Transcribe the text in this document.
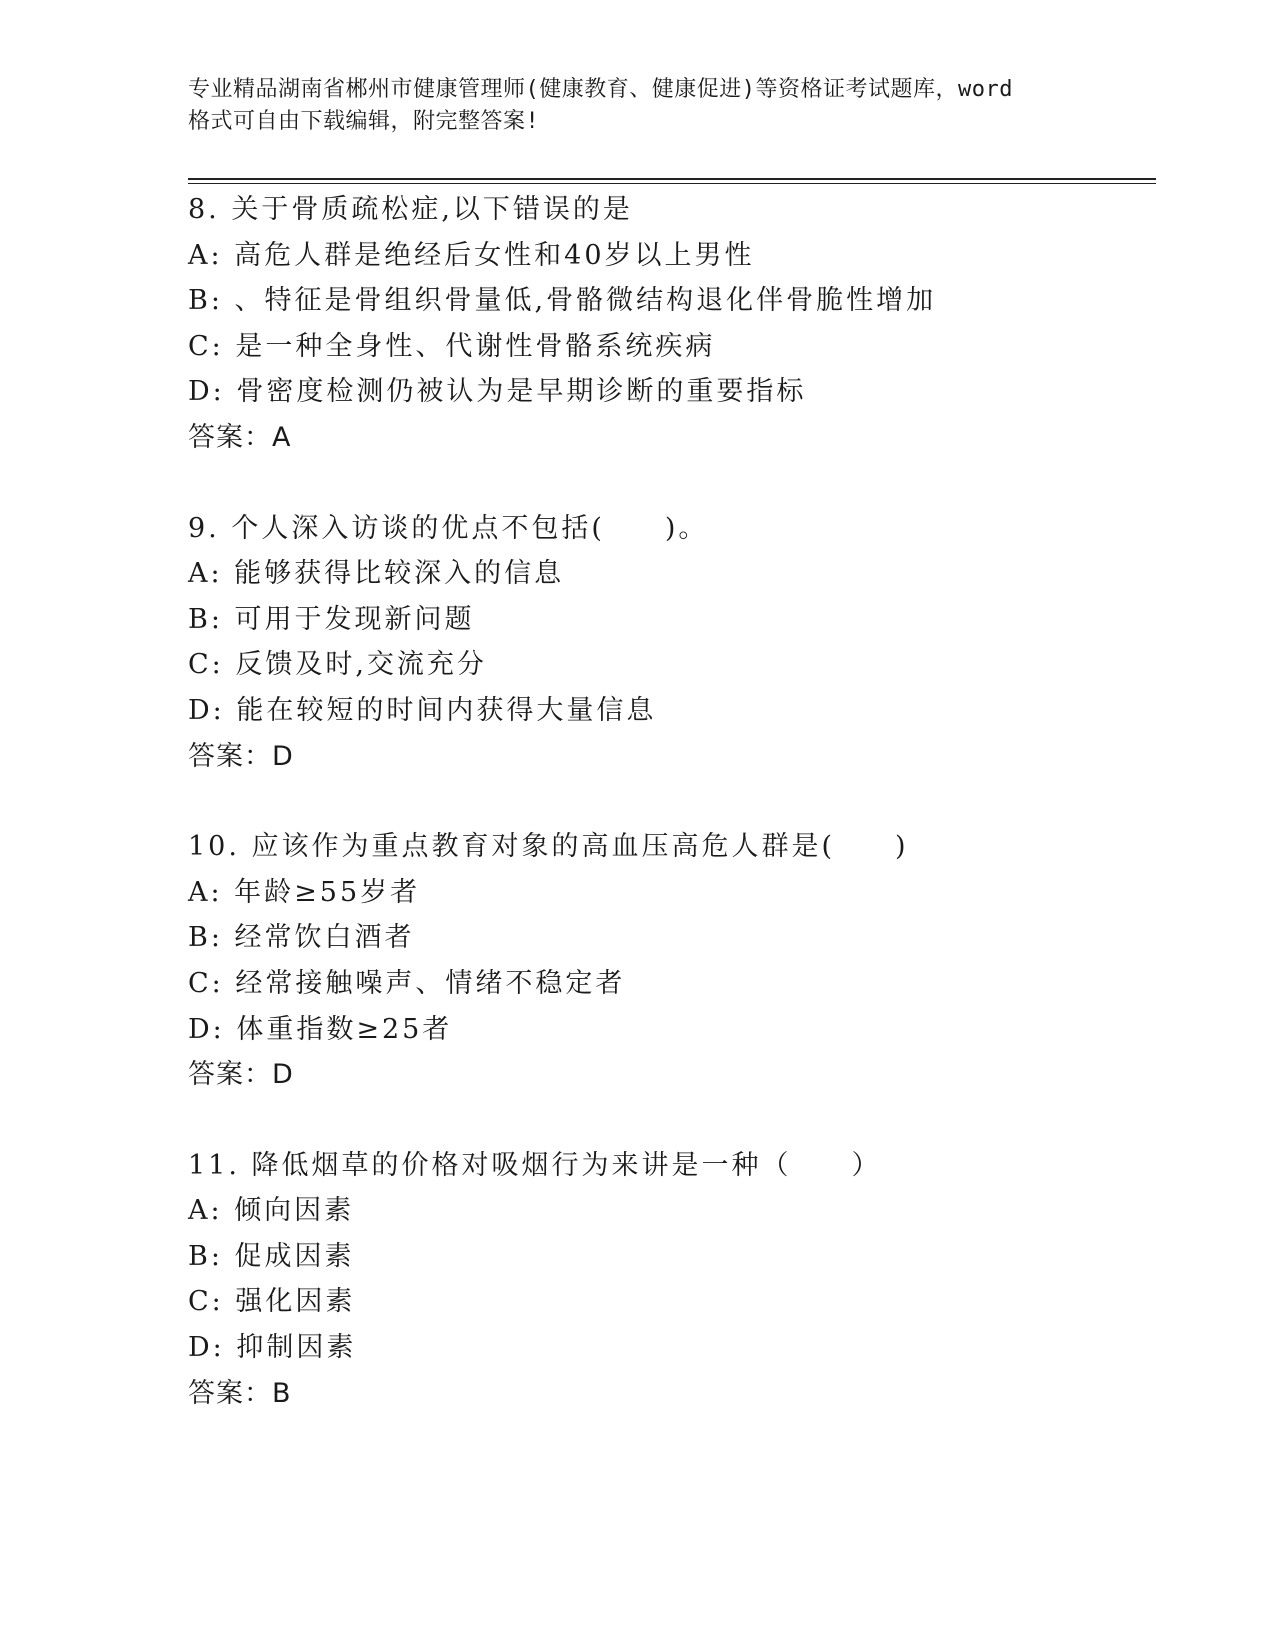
专业精品湖南省郴州市健康管理师(健康教育、健康促进)等资格证考试题库，word
格式可自由下载编辑，附完整答案!
8. 关于骨质疏松症,以下错误的是
A: 高危人群是绝经后女性和40岁以上男性
B: 、特征是骨组织骨量低,骨骼微结构退化伴骨脆性增加
C: 是一种全身性、代谢性骨骼系统疾病
D: 骨密度检测仍被认为是早期诊断的重要指标
答案：A
9. 个人深入访谈的优点不包括(　　)。
A: 能够获得比较深入的信息
B: 可用于发现新问题
C: 反馈及时,交流充分
D: 能在较短的时间内获得大量信息
答案：D
10. 应该作为重点教育对象的高血压高危人群是(　　)
A: 年龄≥55岁者
B: 经常饮白酒者
C: 经常接触噪声、情绪不稳定者
D: 体重指数≥25者
答案：D
11. 降低烟草的价格对吸烟行为来讲是一种（　　）
A: 倾向因素
B: 促成因素
C: 强化因素
D: 抑制因素
答案：B
